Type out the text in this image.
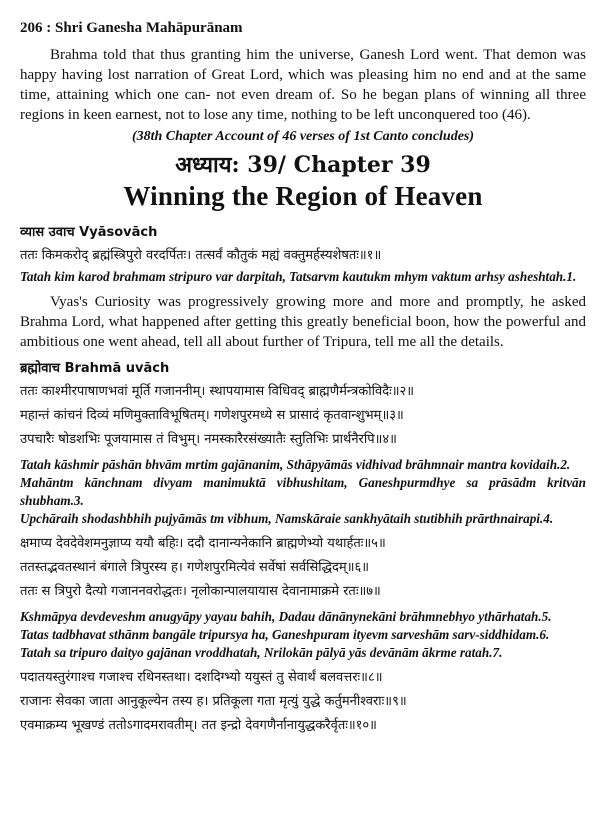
206 : Shri Ganesha Mahāpurānam

Brahma told that thus granting him the universe, Ganesh Lord went. That demon was happy having lost narration of Great Lord, which was pleasing him no end and at the same time, attaining which one can- not even dream of. So he began plans of winning all three regions in keen earnest, not to lose any time, nothing to be left unconquered too (46).

(38th Chapter Account of 46 verses of 1st Canto concludes)
अध्याय: 39/ Chapter 39
Winning the Region of Heaven
व्यास उवाच Vyāsovāch
ततः किमकरोद् ब्रह्मंस्त्रिपुरो वरदर्पितः। तत्सर्वं कौतुकं मह्यं वक्तुमर्हस्यशेषतः॥१॥
Tatah kim karod brahmam stripuro var darpitah, Tatsarvm kautukm mhym vaktum arhsy asheshtah.1.

Vyas's Curiosity was progressively growing more and more and promptly, he asked Brahma Lord, what happened after getting this greatly beneficial boon, how the powerful and ambitious one went ahead, tell all about further of Tripura, tell me all the details.

ब्रह्मोवाच Brahmā uvāch
ततः काश्मीरपाषाणभवां मूर्ति गजाननीम्। स्थापयामास विधिवद् ब्राह्मणैर्मन्त्रकोविदैः॥२॥
महान्तं कांचनं दिव्यं मणिमुक्ताविभूषितम्। गणेशपुरमध्ये स प्रासादं कृतवान्शुभम्॥३॥
उपचारैः षोडशभिः पूजयामास तं विभुम्। नमस्कारैरसंख्यातैः स्तुतिभिः प्रार्थनैरपि॥४॥
Tatah kāshmir pāshān bhvām mrtim gajānanim, Sthāpyāmās vidhivad brāhmnair mantra kovidaih.2.
Mahāntm kānchnam divyam manimuktā vibhushitam, Ganeshpurmdhye sa prāsādm kritvān shubham.3.
Upchāraih shodashbhih pujyāmās tm vibhum, Namskāraie sankhyātaih stutibhih prārthnairapi.4.
क्षमाप्य देवदेवेशमनुज्ञाप्य ययौ बहिः। ददौ दानान्यनेकानि ब्राह्मणेभ्यो यथार्हतः॥५॥
ततस्तद्भवतस्थानं बंगाले त्रिपुरस्य ह। गणेशपुरमित्येवं सर्वेषां सर्वसिद्धिदम्॥६॥
ततः स त्रिपुरो दैत्यो गजाननवरोद्धतः। नृलोकान्पालयायास देवानामाक्रमे रतः॥७॥
Kshmāpya devdeveshm anugyāpy yayau bahih, Dadau dānānynekāni brāhmnebhyo ythārhatah.5.
Tatas tadbhavat sthānm bangāle tripursya ha, Ganeshpuram ityevm sarveshām sarv-siddhidam.6.
Tatah sa tripuro daityo gajānan vroddhatah, Nrilokān pālyā yās devānām ākrme ratah.7.
पदातयस्तुरंगाश्च गजाश्च रथिनस्तथा। दशदिग्भ्यो ययुस्तं तु सेवार्थं बलवत्तरः॥८॥
राजानः सेवका जाता आनुकूल्येन तस्य ह। प्रतिकूला गता मृत्युं युद्धे कर्तुमनीश्वराः॥९॥
एवमाक्रम्य भूखण्डं ततोऽगादमरावतीम्। तत इन्द्रो देवगणैर्नानायुद्धकरैर्वृतः॥१०॥
